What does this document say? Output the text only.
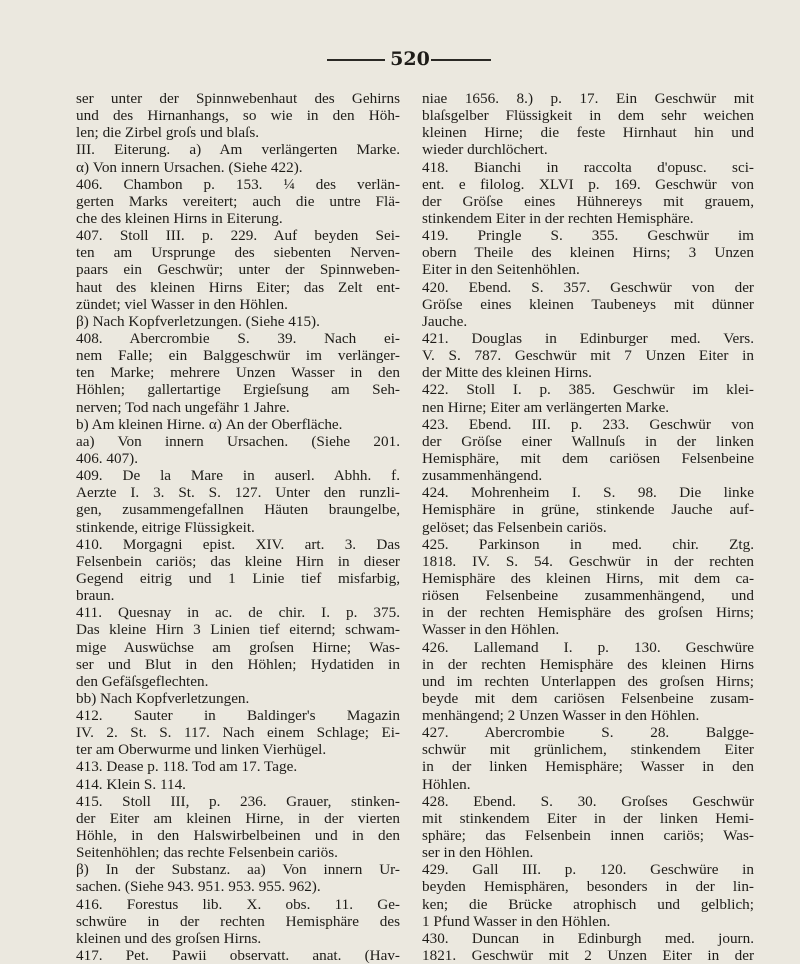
520
ser unter der Spinnwebenhaut des Gehirns
und des Hirnanhangs, so wie in den Höh-
len; die Zirbel groſs und blaſs.
III. Eiterung. a) Am verlängerten Marke.
α) Von innern Ursachen. (Siehe 422).
406. Chambon p. 153. ¼ des verlän-
gerten Marks vereitert; auch die untre Flä-
che des kleinen Hirns in Eiterung.
407. Stoll III. p. 229. Auf beyden Sei-
ten am Ursprunge des siebenten Nerven-
paars ein Geschwür; unter der Spinnweben-
haut des kleinen Hirns Eiter; das Zelt ent-
zündet; viel Wasser in den Höhlen.
β) Nach Kopfverletzungen. (Siehe 415).
408. Abercrombie S. 39. Nach ei-
nem Falle; ein Balggeschwür im verlänger-
ten Marke; mehrere Unzen Wasser in den
Höhlen; gallertartige Ergieſsung am Seh-
nerven; Tod nach ungefähr 1 Jahre.
b) Am kleinen Hirne. α) An der Oberfläche.
aa) Von innern Ursachen. (Siehe 201.
406. 407).
409. De la Mare in auserl. Abhh. f.
Aerzte I. 3. St. S. 127. Unter den runzli-
gen, zusammengefallnen Häuten braungelbe,
stinkende, eitrige Flüssigkeit.
410. Morgagni epist. XIV. art. 3. Das
Felsenbein cariös; das kleine Hirn in dieser
Gegend eitrig und 1 Linie tief misfarbig,
braun.
411. Quesnay in ac. de chir. I. p. 375.
Das kleine Hirn 3 Linien tief eiternd; schwam-
mige Auswüchse am groſsen Hirne; Was-
ser und Blut in den Höhlen; Hydatiden in
den Gefäſsgeflechten.
bb) Nach Kopfverletzungen.
412. Sauter in Baldinger's Magazin
IV. 2. St. S. 117. Nach einem Schlage; Ei-
ter am Oberwurme und linken Vierhügel.
413. Dease p. 118. Tod am 17. Tage.
414. Klein S. 114.
415. Stoll III, p. 236. Grauer, stinken-
der Eiter am kleinen Hirne, in der vierten
Höhle, in den Halswirbelbeinen und in den
Seitenhöhlen; das rechte Felsenbein cariös.
β) In der Substanz. aa) Von innern Ur-
sachen. (Siehe 943. 951. 953. 955. 962).
416. Forestus lib. X. obs. 11. Ge-
schwüre in der rechten Hemisphäre des
kleinen und des groſsen Hirns.
417. Pet. Pawii observatt. anat. (Hav-
niae 1656. 8.) p. 17. Ein Geschwür mit
blaſsgelber Flüssigkeit in dem sehr weichen
kleinen Hirne; die feste Hirnhaut hin und
wieder durchlöchert.
418. Bianchi in raccolta d'opusc. sci-
ent. e filolog. XLVI p. 169. Geschwür von
der Gröſse eines Hühnereys mit grauem,
stinkendem Eiter in der rechten Hemisphäre.
419. Pringle S. 355. Geschwür im
obern Theile des kleinen Hirns; 3 Unzen
Eiter in den Seitenhöhlen.
420. Ebend. S. 357. Geschwür von der
Gröſse eines kleinen Taubeneys mit dünner
Jauche.
421. Douglas in Edinburger med. Vers.
V. S. 787. Geschwür mit 7 Unzen Eiter in
der Mitte des kleinen Hirns.
422. Stoll I. p. 385. Geschwür im klei-
nen Hirne; Eiter am verlängerten Marke.
423. Ebend. III. p. 233. Geschwür von
der Gröſse einer Wallnuſs in der linken
Hemisphäre, mit dem cariösen Felsenbeine
zusammenhängend.
424. Mohrenheim I. S. 98. Die linke
Hemisphäre in grüne, stinkende Jauche auf-
gelöset; das Felsenbein cariös.
425. Parkinson in med. chir. Ztg.
1818. IV. S. 54. Geschwür in der rechten
Hemisphäre des kleinen Hirns, mit dem ca-
riösen Felsenbeine zusammenhängend, und
in der rechten Hemisphäre des groſsen Hirns;
Wasser in den Höhlen.
426. Lallemand I. p. 130. Geschwüre
in der rechten Hemisphäre des kleinen Hirns
und im rechten Unterlappen des groſsen Hirns;
beyde mit dem cariösen Felsenbeine zusam-
menhängend; 2 Unzen Wasser in den Höhlen.
427. Abercrombie S. 28. Balgge-
schwür mit grünlichem, stinkendem Eiter
in der linken Hemisphäre; Wasser in den
Höhlen.
428. Ebend. S. 30. Groſses Geschwür
mit stinkendem Eiter in der linken Hemi-
sphäre; das Felsenbein innen cariös; Was-
ser in den Höhlen.
429. Gall III. p. 120. Geschwüre in
beyden Hemisphären, besonders in der lin-
ken; die Brücke atrophisch und gelblich;
1 Pfund Wasser in den Höhlen.
430. Duncan in Edinburgh med. journ.
1821. Geschwür mit 2 Unzen Eiter in der
